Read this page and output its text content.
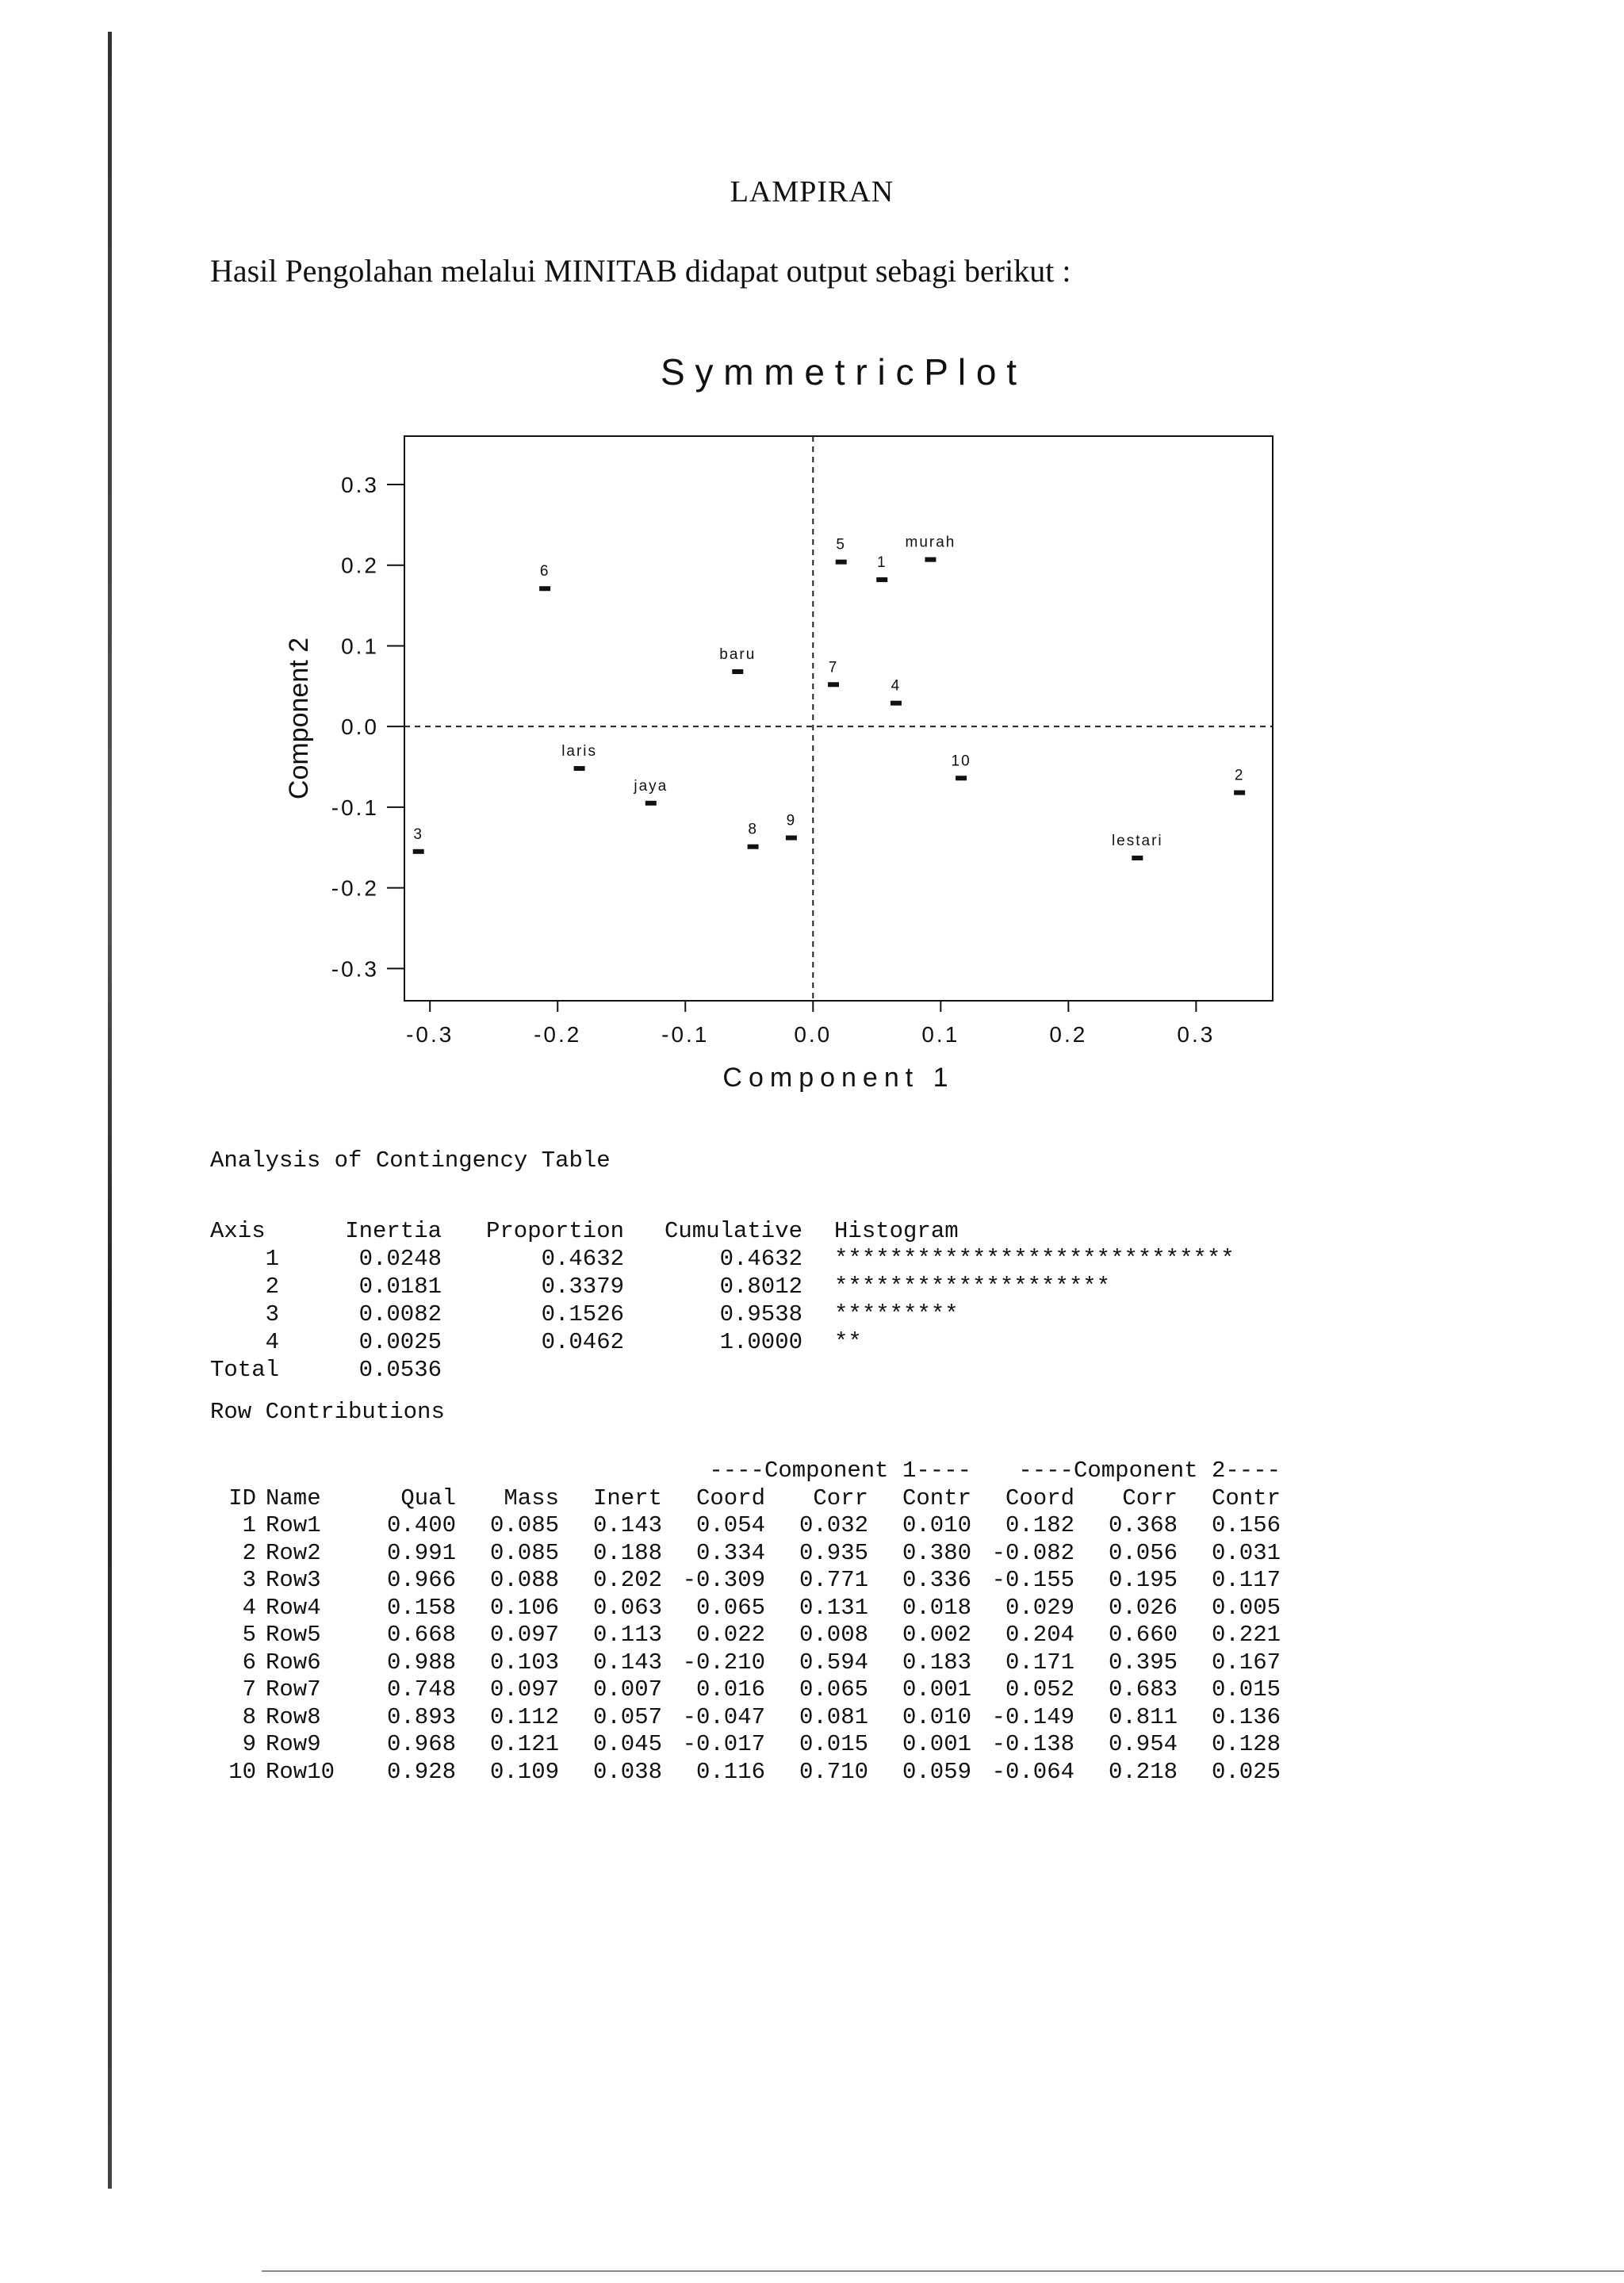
LAMPIRAN
Hasil Pengolahan melalui MINITAB didapat output sebagi berikut :
S y m m e t r i c P l o t
-0.3	-0.2	-0.1	0.0	0.1	0.2	0.3
0.3
0.2
0.1
0.0
-0.1
-0.2
-0.3
Component 1
Component 2
1
2
3
4
5
6
7
8
9
10
murah
baru
laris
jaya
lestari
Analysis of Contingency Table
Axis	Inertia	Proportion	Cumulative		Histogram
1	0.0248	0.4632	0.4632		*****************************
2	0.0181	0.3379	0.8012		********************
3	0.0082	0.1526	0.9538		*********
4	0.0025	0.0462	1.0000		**
Total	0.0536				
Row Contributions
						----Component 1----			----Component 2----		
ID		Name	Qual	Mass	Inert	Coord	Corr	Contr	Coord	Corr	Contr
1		Row1	0.400	0.085	0.143	0.054	0.032	0.010	0.182	0.368	0.156
2		Row2	0.991	0.085	0.188	0.334	0.935	0.380	-0.082	0.056	0.031
3		Row3	0.966	0.088	0.202	-0.309	0.771	0.336	-0.155	0.195	0.117
4		Row4	0.158	0.106	0.063	0.065	0.131	0.018	0.029	0.026	0.005
5		Row5	0.668	0.097	0.113	0.022	0.008	0.002	0.204	0.660	0.221
6		Row6	0.988	0.103	0.143	-0.210	0.594	0.183	0.171	0.395	0.167
7		Row7	0.748	0.097	0.007	0.016	0.065	0.001	0.052	0.683	0.015
8		Row8	0.893	0.112	0.057	-0.047	0.081	0.010	-0.149	0.811	0.136
9		Row9	0.968	0.121	0.045	-0.017	0.015	0.001	-0.138	0.954	0.128
10		Row10	0.928	0.109	0.038	0.116	0.710	0.059	-0.064	0.218	0.025
